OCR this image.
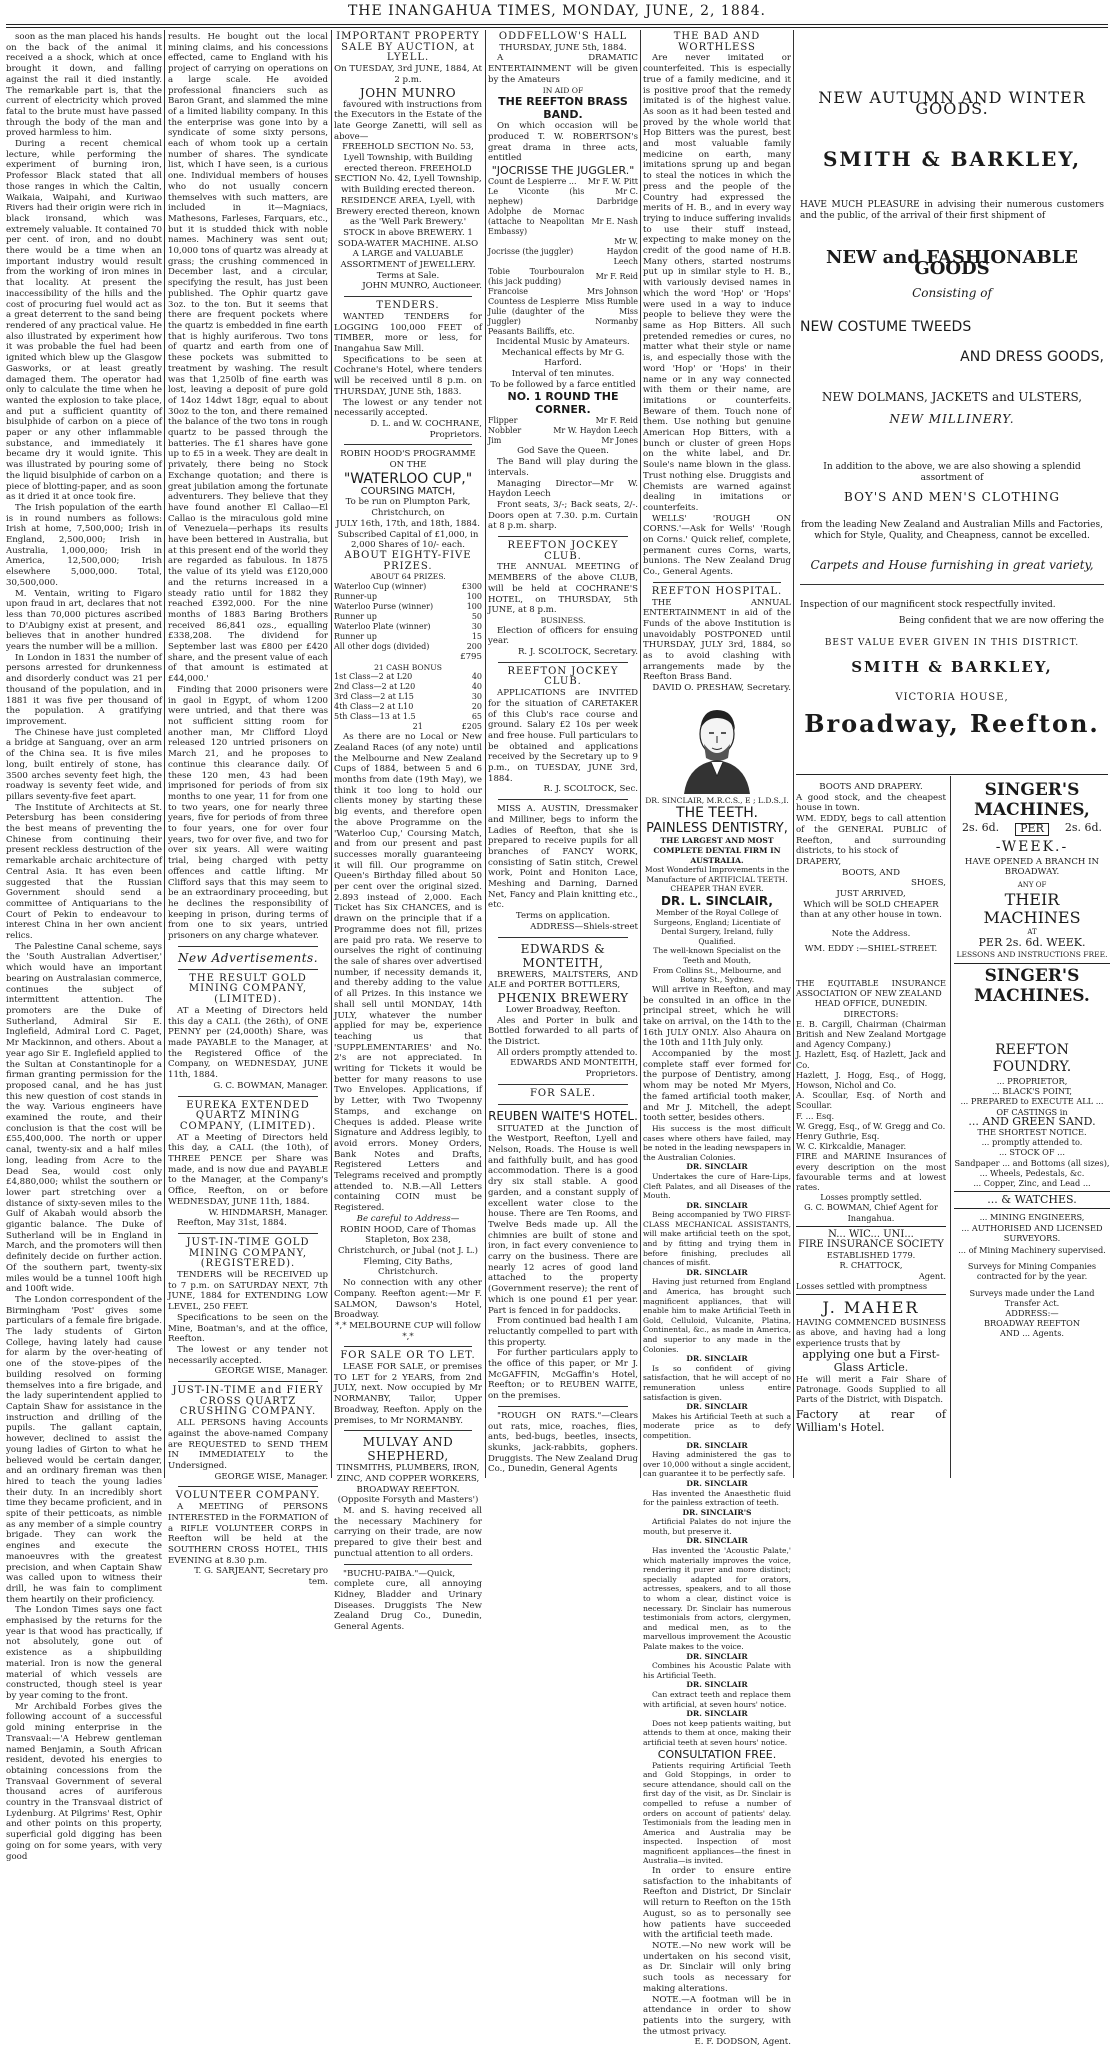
THE INANGAHUA TIMES, MONDAY, JUNE, 2, 1884.

soon as the man placed his hands on the back of the animal it received a a shock, which at once brought it down, and falling against the rail it died instantly. The remarkable part is, that the current of electricity which proved fatal to the brute must have passed through the body of the man and proved harmless to him.

During a recent chemical lecture, while performing the experiment of burning iron, Professor Black stated that all those ranges in which the Caltin, Waikaia, Waipahi, and Kuriwao Rivers had their origin were rich in black ironsand, which was extremely valuable. It contained 70 per cent. of iron, and no doubt there would be a time when an important industry would result from the working of iron mines in that locality. At present the inaccessibility of the hills and the cost of procuring fuel would act as a great deterrent to the sand being rendered of any practical value. He also illustrated by experiment how it was probable the fuel had been ignited which blew up the Glasgow Gasworks, or at least greatly damaged them. The operator had only to calculate the time when he wanted the explosion to take place, and put a sufficient quantity of bisulphide of carbon on a piece of paper or any other inflammable substance, and immediately it became dry it would ignite. This was illustrated by pouring some of the liquid bisulphide of carbon on a piece of blotting-paper, and as soon as it dried it at once took fire.

The Irish population of the earth is in round numbers as follows: Irish at home, 7,500,000; Irish in England, 2,500,000; Irish in Australia, 1,000,000; Irish in America, 12,500,000; Irish elsewhere 5,000,000. Total, 30,500,000.

M. Ventain, writing to Figaro upon fraud in art, declares that not less than 70,000 pictures ascribed to D'Aubigny exist at present, and believes that in another hundred years the number will be a million.

In London in 1831 the number of persons arrested for drunkenness and disorderly conduct was 21 per thousand of the population, and in 1881 it was five per thousand of the population. A gratifying improvement.

The Chinese have just completed a bridge at Sanguang, over an arm of the China sea. It is five miles long, built entirely of stone, has 3500 arches seventy feet high, the roadway is seventy feet wide, and pillars seventy-five feet apart.

The Institute of Architects at St. Petersburg has been considering the best means of preventing the Chinese from continuing their present reckless destruction of the remarkable archaic architecture of Central Asia. It has even been suggested that the Russian Government should send a committee of Antiquarians to the Court of Pekin to endeavour to interest China in her own ancient relics.

The Palestine Canal scheme, says the 'South Australian Advertiser,' which would have an important bearing on Australasian commerce, continues the subject of intermittent attention. The promoters are the Duke of Sutherland, Admiral Sir E. Inglefield, Admiral Lord C. Paget, Mr Mackinnon, and others. About a year ago Sir E. Inglefield applied to the Sultan at Constantinople for a firman granting permission for the proposed canal, and he has just this new question of cost stands in the way. Various engineers have examined the route, and their conclusion is that the cost will be £55,400,000. The north or upper canal, twenty-six and a half miles long, leading from Acre to the Dead Sea, would cost only £4,880,000; whilst the southern or lower part stretching over a distance of sixty-seven miles to the Gulf of Akabah would absorb the gigantic balance. The Duke of Sutherland will be in England in March, and the promoters will then definitely decide on further action. Of the southern part, twenty-six miles would be a tunnel 100ft high and 100ft wide.

The London correspondent of the Birmingham 'Post' gives some particulars of a female fire brigade. The lady students of Girton College, having lately had cause for alarm by the over-heating of one of the stove-pipes of the building resolved on forming themselves into a fire brigade, and the lady superintendent applied to Captain Shaw for assistance in the instruction and drilling of the pupils. The gallant captain, however, declined to assist the young ladies of Girton to what he believed would be certain danger, and an ordinary fireman was then hired to teach the young ladies their duty. In an incredibly short time they became proficient, and in spite of their petticoats, as nimble as any member of a simple country brigade. They can work the engines and execute the manoeuvres with the greatest precision, and when Captain Shaw was called upon to witness their drill, he was fain to compliment them heartily on their proficiency.

The London Times says one fact emphasised by the returns for the year is that wood has practically, if not absolutely, gone out of existence as a shipbuilding material. Iron is now the general material of which vessels are constructed, though steel is year by year coming to the front.

Mr Archibald Forbes gives the following account of a successful gold mining enterprise in the Transvaal:—'A Hebrew gentleman named Benjamin, a South African resident, devoted his energies to obtaining concessions from the Transvaal Government of several thousand acres of auriferous country in the Transvaal district of Lydenburg. At Pilgrims' Rest, Ophir and other points on this property, superficial gold digging has been going on for some years, with very good

results. He bought out the local mining claims, and his concessions effected, came to England with his project of carrying on operations on a large scale. He avoided professional financiers such as Baron Grant, and slammed the mine of a limited liability company. In this the enterprise was gone into by a syndicate of some sixty persons, each of whom took up a certain number of shares. The syndicate list, which I have seen, is a curious one. Individual members of houses who do not usually concern themselves with such matters, are included in it—Magniacs, Mathesons, Farleses, Farquars, etc., but it is studded thick with noble names. Machinery was sent out; 10,000 tons of quartz was already at grass; the crushing commenced in December last, and a circular, specifying the result, has just been published. The Ophir quartz gave 3oz. to the ton. But it seems that there are frequent pockets where the quartz is embedded in fine earth that is highly auriferous. Two tons of quartz and earth from one of these pockets was submitted to treatment by washing. The result was that 1,250lb of fine earth was lost, leaving a deposit of pure gold of 14oz 14dwt 18gr, equal to about 30oz to the ton, and there remained the balance of the two tons in rough quartz to be passed through the batteries. The £1 shares have gone up to £5 in a week. They are dealt in privately, there being no Stock Exchange quotation; and there is great jubilation among the fortunate adventurers. They believe that they have found another El Callao—El Callao is the miraculous gold mine of Venezuela—perhaps its results have been bettered in Australia, but at this present end of the world they are regarded as fabulous. In 1875 the value of its yield was £120,000 and the returns increased in a steady ratio until for 1882 they reached £392,000. For the nine months of 1883 Baring Brothers received 86,841 ozs., equalling £338,208. The dividend for September last was £800 per £420 share, and the present value of each of that amount is estimated at £44,000.'

Finding that 2000 prisoners were in gaol in Egypt, of whom 1200 were untried, and that there was not sufficient sitting room for another man, Mr Clifford Lloyd released 120 untried prisoners on March 21, and he proposes to continue this clearance daily. Of these 120 men, 43 had been imprisoned for periods of from six months to one year, 11 for from one to two years, one for nearly three years, five for periods of from three to four years, one for over four years, two for over five, and two for over six years. All were waiting trial, being charged with petty offences and cattle lifting. Mr Clifford says that this may seem to be an extraordinary proceeding, but he declines the responsibility of keeping in prison, during terms of from one to six years, untried prisoners on any charge whatever.

New Advertisements.

THE RESULT GOLD MINING COMPANY, (LIMITED).

AT a Meeting of Directors held this day a CALL (the 26th), of ONE PENNY per (24,000th) Share, was made PAYABLE to the Manager, at the Registered Office of the Company, on WEDNESDAY, JUNE 11th, 1884.

G. C. BOWMAN, Manager.

EUREKA EXTENDED QUARTZ MINING COMPANY, (LIMITED).

AT a Meeting of Directors held this day, a CALL (the 10th), of THREE PENCE per Share was made, and is now due and PAYABLE to the Manager, at the Company's Office, Reefton, on or before WEDNESDAY, JUNE 11th, 1884.

W. HINDMARSH, Manager.

Reefton, May 31st, 1884.

JUST-IN-TIME GOLD MINING COMPANY, (REGISTERED).

TENDERS will be RECEIVED up to 7 p.m. on SATURDAY NEXT, 7th JUNE, 1884 for EXTENDING LOW LEVEL, 250 FEET.

Specifications to be seen on the Mine, Boatman's, and at the office, Reefton.

The lowest or any tender not necessarily accepted.

GEORGE WISE, Manager.

JUST-IN-TIME and FIERY CROSS QUARTZ CRUSHING COMPANY.

ALL PERSONS having Accounts against the above-named Company are REQUESTED to SEND THEM IN IMMEDIATELY to the Undersigned.

GEORGE WISE, Manager.

VOLUNTEER COMPANY.

A MEETING of PERSONS INTERESTED in the FORMATION of a RIFLE VOLUNTEER CORPS in Reefton will be held at the SOUTHERN CROSS HOTEL, THIS EVENING at 8.30 p.m.

T. G. SARJEANT, Secretary pro tem.

IMPORTANT PROPERTY SALE BY AUCTION, at LYELL.

On TUESDAY, 3rd JUNE, 1884, At 2 p.m.

JOHN MUNRO

favoured with instructions from the Executors in the Estate of the late George Zanetti, will sell as above—

FREEHOLD SECTION No. 53, Lyell Township, with Building erected thereon. FREEHOLD SECTION No. 42, Lyell Township, with Building erected thereon. RESIDENCE AREA, Lyell, with Brewery erected thereon, known as the 'Well Park Brewery.' STOCK in above BREWERY. 1 SODA-WATER MACHINE. ALSO A LARGE and VALUABLE ASSORTMENT of JEWELLERY.

Terms at Sale.

JOHN MUNRO, Auctioneer.

TENDERS.

WANTED TENDERS for LOGGING 100,000 FEET of TIMBER, more or less, for Inangahua Saw Mill.

Specifications to be seen at Cochrane's Hotel, where tenders will be received until 8 p.m. on THURSDAY, JUNE 5th, 1883.

The lowest or any tender not necessarily accepted.

D. L. and W. COCHRANE, Proprietors.

ROBIN HOOD'S PROGRAMME ON THE

"WATERLOO CUP,"

COURSING MATCH,

To be run on Plumpton Park, Christchurch, on

JULY 16th, 17th, and 18th, 1884. Subscribed Capital of £1,000, in 2,000 Shares of 10/- each.

ABOUT EIGHTY-FIVE PRIZES.

ABOUT 64 PRIZES.

Waterloo Cup (winner)	£300
Runner-up	100
Waterloo Purse (winner)	100
Runner up	50
Waterloo Plate (winner)	30
Runner up	15
All other dogs (divided)	200

£795

21 CASH BONUS

1st Class—2 at L20	40
2nd Class—2 at L20	40
3rd Class—2 at L15	30
4th Class—2 at L10	20
5th Class—13 at 1.5	65
21	£205

As there are no Local or New Zealand Races (of any note) until the Melbourne and New Zealand Cups of 1884, between 5 and 6 months from date (19th May), we think it too long to hold our clients money by starting these big events, and therefore open the above Programme on the 'Waterloo Cup,' Coursing Match, and from our present and past successes morally guaranteeing it will fill. Our programme on Queen's Birthday filled about 50 per cent over the original sized. 2.893 instead of 2,000. Each Ticket has Six CHANCES, and is drawn on the principle that if a Programme does not fill, prizes are paid pro rata. We reserve to ourselves the right of continuing the sale of shares over advertised number, if necessity demands it, and thereby adding to the value of all Prizes. In this instance we shall sell until MONDAY, 14th JULY, whatever the number applied for may be, experience teaching us that 'SUPPLEMENTARIES' and No. 2's are not appreciated. In writing for Tickets it would be better for many reasons to use Two Envelopes. Applications, if by Letter, with Two Twopenny Stamps, and exchange on Cheques is added. Please write Signature and Address legibly, to avoid errors. Money Orders, Bank Notes and Drafts, Registered Letters and Telegrams received and promptly attended to. N.B.—All Letters containing COIN must be Registered.

Be careful to Address—

ROBIN HOOD, Care of Thomas Stapleton, Box 238, Christchurch, or Jubal (not J. L.) Fleming, City Baths, Christchurch.

No connection with any other Company. Reefton agent:—Mr F. SALMON, Dawson's Hotel, Broadway.

*,* MELBOURNE CUP will follow *,*

FOR SALE OR TO LET.

LEASE FOR SALE, or premises TO LET for 2 YEARS, from 2nd JULY, next. Now occupied by Mr NORMANBY, Tailor, Upper Broadway, Reefton. Apply on the premises, to Mr NORMANBY.

MULVAY AND SHEPHERD,

TINSMITHS, PLUMBERS, IRON, ZINC, AND COPPER WORKERS,

BROADWAY REEFTON. (Opposite Forsyth and Masters')

M. and S. having received all the necessary Machinery for carrying on their trade, are now prepared to give their best and punctual attention to all orders.

"BUCHU-PAIBA."—Quick, complete cure, all annoying Kidney, Bladder and Urinary Diseases. Druggists The New Zealand Drug Co., Dunedin, General Agents.

ODDFELLOW'S HALL

THURSDAY, JUNE 5th, 1884.

A DRAMATIC ENTERTAINMENT will be given by the Amateurs

IN AID OF

THE REEFTON BRASS BAND.

On which occasion will be produced T. W. ROBERTSON's great drama in three acts, entitled

"JOCRISSE THE JUGGLER."

Count de Lespierre ...	Mr F. W. Pitt
Le Viconte (his nephew)	Mr C. Darbridge
Adolphe de Mornac (attache to Neapolitan Embassy)	Mr E. Nash
Jocrisse (the juggler)	Mr W. Haydon Leech
Tobie Tourbouralon (his jack pudding)	Mr F. Reid
Francoise	Mrs Johnson
Countess de Lespierre	Miss Rumble
Julie (daughter of the Juggler)	Miss Normanby
Peasants Bailiffs, etc.	

Incidental Music by Amateurs. Mechanical effects by Mr G. Harford.

Interval of ten minutes.

To be followed by a farce entitled

NO. 1 ROUND THE CORNER.

Flipper	Mr F. Reid
Nobbler	Mr W. Haydon Leech
Jim	Mr Jones

God Save the Queen.

The Band will play during the intervals.

Managing Director—Mr W. Haydon Leech

Front seats, 3/-; Back seats, 2/-. Doors open at 7.30. p.m. Curtain at 8 p.m. sharp.

REEFTON JOCKEY CLUB.

THE ANNUAL MEETING of MEMBERS of the above CLUB, will be held at COCHRANE'S HOTEL, on THURSDAY, 5th JUNE, at 8 p.m.

BUSINESS.

Election of officers for ensuing year.

R. J. SCOLTOCK, Secretary.

REEFTON JOCKEY CLUB.

APPLICATIONS are INVITED for the situation of CARETAKER of this Club's race course and ground. Salary £2 10s per week and free house. Full particulars to be obtained and applications received by the Secretary up to 9 p.m., on TUESDAY, JUNE 3rd, 1884.

R. J. SCOLTOCK, Sec.

MISS A. AUSTIN, Dressmaker and Milliner, begs to inform the Ladies of Reefton, that she is prepared to receive pupils for all branches of FANCY WORK, consisting of Satin stitch, Crewel work, Point and Honiton Lace, Meshing and Darning, Darned Net, Fancy and Plain knitting etc., etc.

Terms on application.

ADDRESS—Shiels-street

EDWARDS & MONTEITH,

BREWERS, MALTSTERS, AND ALE and PORTER BOTTLERS,

PHŒNIX BREWERY

Lower Broadway, Reefton.

Ales and Porter in bulk and Bottled forwarded to all parts of the District.

All orders promptly attended to.

EDWARDS AND MONTEITH, Proprietors.

FOR SALE.

REUBEN WAITE'S HOTEL.

SITUATED at the Junction of the Westport, Reefton, Lyell and Nelson, Roads. The House is well and faithfully built, and has good accommodation. There is a good dry six stall stable. A good garden, and a constant supply of excellent water close to the house. There are Ten Rooms, and Twelve Beds made up. All the chimnies are built of stone and iron, in fact every convenience to carry on the business. There are nearly 12 acres of good land attached to the property (Government reserve); the rent of which is one pound £1 per year. Part is fenced in for paddocks.

From continued bad health I am reluctantly compelled to part with this property.

For further particulars apply to the office of this paper, or Mr J. McGAFFIN, McGaffin's Hotel, Reefton; or to REUBEN WAITE, on the premises.

"ROUGH ON RATS."—Clears out rats, mice, roaches, flies, ants, bed-bugs, beetles, insects, skunks, jack-rabbits, gophers. Druggists. The New Zealand Drug Co., Dunedin, General Agents

THE BAD AND WORTHLESS

Are never imitated or counterfeited. This is especially true of a family medicine, and it is positive proof that the remedy imitated is of the highest value. As soon as it had been tested and proved by the whole world that Hop Bitters was the purest, best and most valuable family medicine on earth, many imitations sprung up and began to steal the notices in which the press and the people of the Country had expressed the merits of H. B., and in every way trying to induce suffering invalids to use their stuff instead, expecting to make money on the credit of the good name of H.B. Many others, started nostrums put up in similar style to H. B., with variously devised names in which the word 'Hop' or 'Hops' were used in a way to induce people to believe they were the same as Hop Bitters. All such pretended remedies or cures, no matter what their style or name is, and especially those with the word 'Hop' or 'Hops' in their name or in any way connected with them or their name, are imitations or counterfeits. Beware of them. Touch none of them. Use nothing but genuine American Hop Bitters, with a bunch or cluster of green Hops on the white label, and Dr. Soule's name blown in the glass. Trust nothing else. Druggists and Chemists are warned against dealing in imitations or counterfeits.

WELLS' 'ROUGH ON CORNS.'—Ask for Wells' 'Rough on Corns.' Quick relief, complete, permanent cures Corns, warts, bunions. The New Zealand Drug Co., General Agents.

REEFTON HOSPITAL.

THE ANNUAL ENTERTAINMENT in aid of the Funds of the above Institution is unavoidably POSTPONED until THURSDAY, JULY 3rd, 1884, so as to avoid clashing with arrangements made by the Reefton Brass Band.

DAVID O. PRESHAW, Secretary.

DR. SINCLAIR, M.R.C.S., E ; L.D.S.,I.

THE TEETH.

PAINLESS DENTISTRY,

THE LARGEST AND MOST COMPLETE DENTAL FIRM IN AUSTRALIA.

Most Wonderful Improvements in the Manufacture of ARTIFICIAL TEETH. CHEAPER THAN EVER.

DR. L. SINCLAIR,

Member of the Royal College of Surgeons, England; Licentiate of Dental Surgery, Ireland, fully Qualified.

The well-known Specialist on the Teeth and Mouth,

From Collins St., Melbourne, and Botany St., Sydney.

Will arrive in Reefton, and may be consulted in an office in the principal street, which he will take on arrival, on the 14th to the 16th JULY ONLY. Also Ahaura on the 10th and 11th July only.

Accompanied by the most complete staff ever formed for the purpose of Dentistry, among whom may be noted Mr Myers, the famed artificial tooth maker, and Mr J. Mitchell, the adept tooth setter, besides others.

His success is the most difficult cases where others have failed, may be noted in the leading newspapers in the Australian Colonies.

DR. SINCLAIR

Undertakes the cure of Hare-Lips, Cleft Palates, and all Diseases of the Mouth.

DR. SINCLAIR

Being accompanied by TWO FIRST-CLASS MECHANICAL ASSISTANTS, will make artificial teeth on the spot, and by fitting and trying them in before finishing, precludes all chances of misfit.

DR. SINCLAIR

Having just returned from England and America, has brought such magnificent appliances, that will enable him to make Artificial Teeth in Gold, Celluloid, Vulcanite, Platina, Continental, &c., as made in America, and superior to any made in the Colonies.

DR. SINCLAIR

Is so confident of giving satisfaction, that he will accept of no remuneration unless entire satisfaction is given.

DR. SINCLAIR

Makes his Artificial Teeth at such a moderate price as to defy competition.

DR. SINCLAIR

Having administered the gas to over 10,000 without a single accident, can guarantee it to be perfectly safe.

DR. SINCLAIR

Has invented the Anaesthetic fluid for the painless extraction of teeth.

DR. SINCLAIR'S

Artificial Palates do not injure the mouth, but preserve it.

DR. SINCLAIR

Has invented the 'Acoustic Palate,' which materially improves the voice, rendering it purer and more distinct; specially adapted for orators, actresses, speakers, and to all those to whom a clear, distinct voice is necessary. Dr. Sinclair has numerous testimonials from actors, clergymen, and medical men, as to the marvellous improvement the Acoustic Palate makes to the voice.

DR. SINCLAIR

Combines his Acoustic Palate with his Artificial Teeth.

DR. SINCLAIR

Can extract teeth and replace them with artificial, at seven hours' notice.

DR. SINCLAIR

Does not keep patients waiting, but attends to them at once, making their artificial teeth at seven hours' notice.

CONSULTATION FREE.

Patients requiring Artificial Teeth and Gold Stoppings, in order to secure attendance, should call on the first day of the visit, as Dr. Sinclair is compelled to refuse a number of orders on account of patients' delay. Testimonials from the leading men in America and Australia may be inspected. Inspection of most magnificent appliances—the finest in Australia—is invited.

In order to ensure entire satisfaction to the inhabitants of Reefton and District, Dr Sinclair will return to Reefton on the 15th August, so as to personally see how patients have succeeded with the artificial teeth made.

NOTE.—No new work will be undertaken on his second visit, as Dr. Sinclair will only bring such tools as necessary for making alterations.

NOTE.—A footman will be in attendance in order to show patients into the surgery, with the utmost privacy.

E. F. DODSON, Agent.

NEW AUTUMN AND WINTER GOODS.
SMITH & BARKLEY,
HAVE MUCH PLEASURE in advising their numerous customers and the public, of the arrival of their first shipment of
NEW and FASHIONABLE GOODS
Consisting of
NEW COSTUME TWEEDS
AND DRESS GOODS,
NEW DOLMANS, JACKETS and ULSTERS,
NEW MILLINERY.
In addition to the above, we are also showing a splendid assortment of
BOY'S AND MEN'S CLOTHING
from the leading New Zealand and Australian Mills and Factories, which for Style, Quality, and Cheapness, cannot be excelled.
Carpets and House furnishing in great variety,
Inspection of our magnificent stock respectfully invited.
Being confident that we are now offering the
BEST VALUE EVER GIVEN IN THIS DISTRICT.
SMITH & BARKLEY,
VICTORIA HOUSE,
Broadway, Reefton.

BOOTS AND DRAPERY.

A good stock, and the cheapest house in town.

WM. EDDY, begs to call attention of the GENERAL PUBLIC of Reefton, and surrounding districts, to his stock of

DRAPERY,

BOOTS, AND

SHOES,

JUST ARRIVED,

Which will be SOLD CHEAPER than at any other house in town.

Note the Address.

WM. EDDY :—SHIEL-STREET.

SINGER'S MACHINES,

2s. 6d.	PER	2s. 6d.

-WEEK.-

HAVE OPENED A BRANCH IN BROADWAY.

ANY OF

THEIR MACHINES

AT

PER 2s. 6d. WEEK.

LESSONS AND INSTRUCTIONS FREE.

SINGER'S MACHINES.

THE EQUITABLE INSURANCE ASSOCIATION OF NEW ZEALAND

HEAD OFFICE, DUNEDIN.

DIRECTORS:

E. B. Cargill, Chairman (Chairman British and New Zealand Mortgage and Agency Company.)

J. Hazlett, Esq. of Hazlett, Jack and Co.

Hazlett, J. Hogg, Esq., of Hogg, Howson, Nichol and Co.

A. Scoullar, Esq. of North and Scoullar.

F. ... Esq.

W. Gregg, Esq., of W. Gregg and Co.

Henry Guthrie, Esq.

W. C. Kirkcaldie, Manager.

FIRE and MARINE Insurances of every description on the most favourable terms and at lowest rates.

Losses promptly settled.

G. C. BOWMAN, Chief Agent for Inangahua.

N... WIC... UNI...

FIRE INSURANCE SOCIETY

ESTABLISHED 1779.

R. CHATTOCK,

Agent.

Losses settled with promptness

J. MAHER

HAVING COMMENCED BUSINESS as above, and having had a long experience trusts that by

applying one but a First-Glass Article.

He will merit a Fair Share of Patronage. Goods Supplied to all Parts of the District, with Dispatch.

Factory at rear of William's Hotel.

REEFTON FOUNDRY.

... PROPRIETOR,

... BLACK'S POINT,

... PREPARED to EXECUTE ALL ... OF CASTINGS in

... AND GREEN SAND.

THE SHORTEST NOTICE.

... promptly attended to.

... STOCK OF ...

Sandpaper ... and Bottoms (all sizes), ... Wheels, Pedestals, &c.

... Copper, Zinc, and Lead ...

... & WATCHES.

... MINING ENGINEERS,

... AUTHORISED AND LICENSED SURVEYORS.

... of Mining Machinery supervised.

Surveys for Mining Companies contracted for by the year.

Surveys made under the Land Transfer Act.

ADDRESS:—

BROADWAY REEFTON

AND ... Agents.
